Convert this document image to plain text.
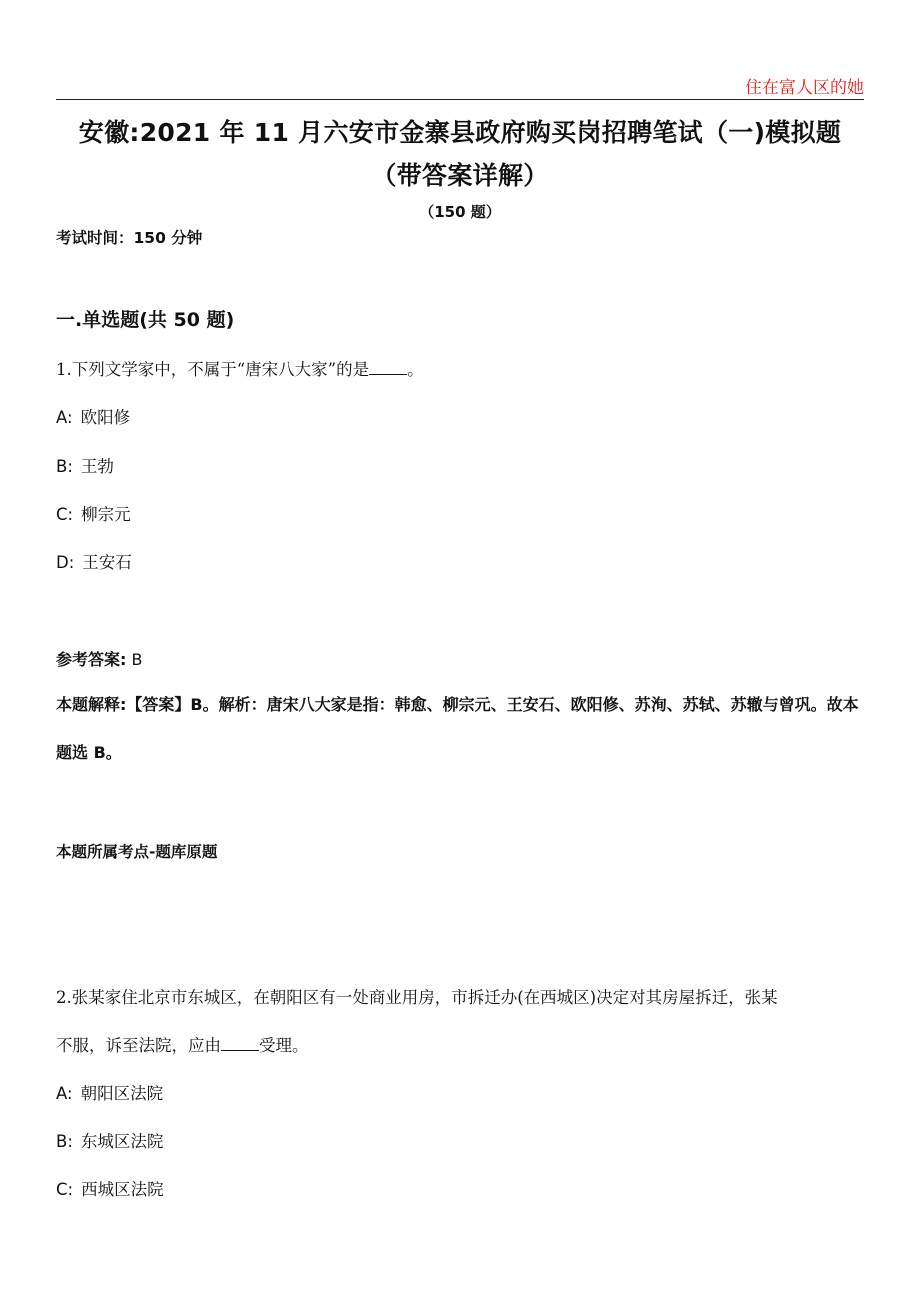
住在富人区的她
安徽:2021 年 11 月六安市金寨县政府购买岗招聘笔试（一)模拟题
（带答案详解）
（150 题）
考试时间：150 分钟
一.单选题(共 50 题)
1.下列文学家中，不属于“唐宋八大家”的是 。
A: 欧阳修
B: 王勃
C: 柳宗元
D: 王安石
参考答案: B
本题解释:【答案】B。解析：唐宋八大家是指：韩愈、柳宗元、王安石、欧阳修、苏洵、苏轼、苏辙与曾巩。故本题选 B。
本题所属考点-题库原题
2.张某家住北京市东城区，在朝阳区有一处商业用房，市拆迁办(在西城区)决定对其房屋拆迁，张某
不服，诉至法院，应由 受理。
A: 朝阳区法院
B: 东城区法院
C: 西城区法院
